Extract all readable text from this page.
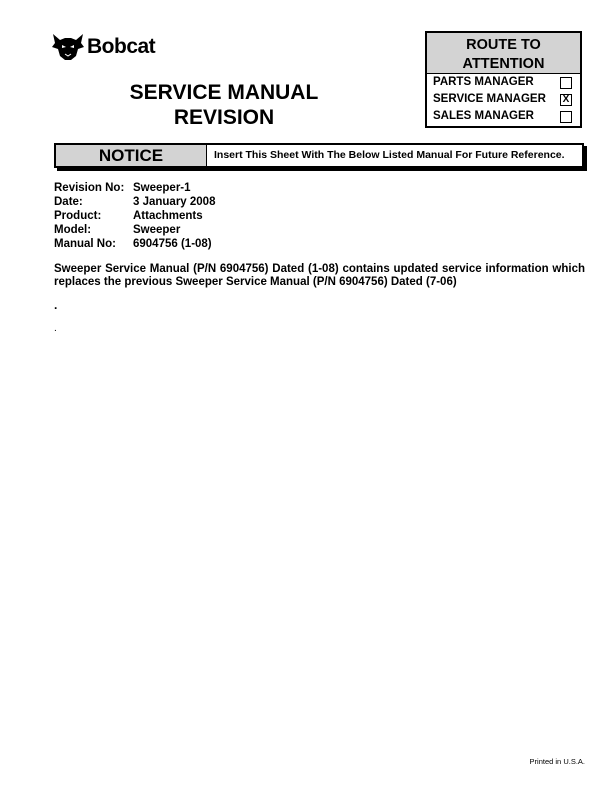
Bobcat
SERVICE MANUAL
REVISION
ROUTE TO
ATTENTION
PARTS MANAGER
SERVICE MANAGER X
SALES MANAGER
NOTICE	Insert This Sheet With The Below Listed Manual For Future Reference.
Revision No: Sweeper-1
Date:	3 January 2008
Product:	Attachments
Model:	Sweeper
Manual No: 6904756 (1-08)
Sweeper Service Manual (P/N 6904756) Dated (1-08) contains updated service information which replaces the previous Sweeper Service Manual (P/N 6904756) Dated (7-06)
.
.
Printed in U.S.A.
